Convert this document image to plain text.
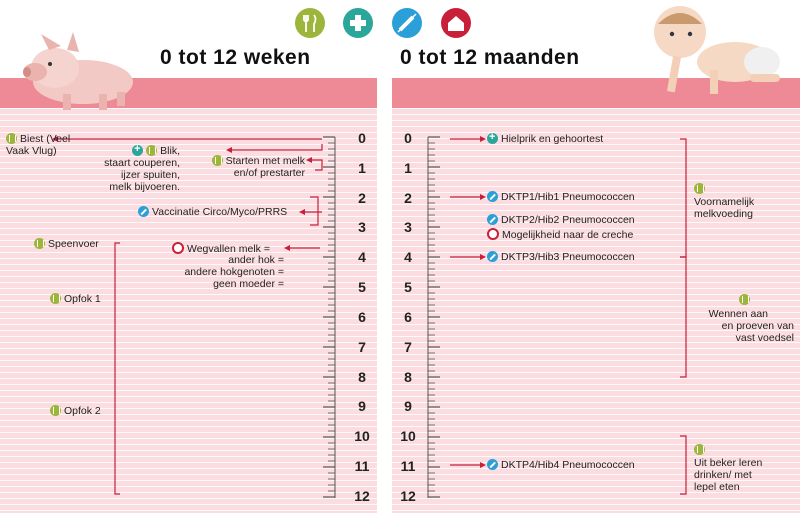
0 tot 12 weken	0 tot 12 maanden
0
1
2
3
4
5
6
7
8
9
10
11
12
0
1
2
3
4
5
6
7
8
9
10
11
12
Biest (Veel
Vaak Vlug)
+	Blik,
staart couperen,
ijzer spuiten,
melk bijvoeren.
Starten met melk
en/of prestarter
Vaccinatie Circo/Myco/PRRS
Speenvoer	Wegvallen melk =
ander hok =
andere hokgenoten =
geen moeder =
Opfok 1
Opfok 2
+Hielprik en gehoortest
DKTP1/Hib1 Pneumococcen
DKTP2/Hib2 Pneumococcen
Mogelijkheid naar de creche
DKTP3/Hib3 Pneumococcen
DKTP4/Hib4 Pneumococcen
Voornamelijk
melkvoeding
Wennen aan
en proeven van
vast voedsel
Uit beker leren
drinken/ met
lepel eten
